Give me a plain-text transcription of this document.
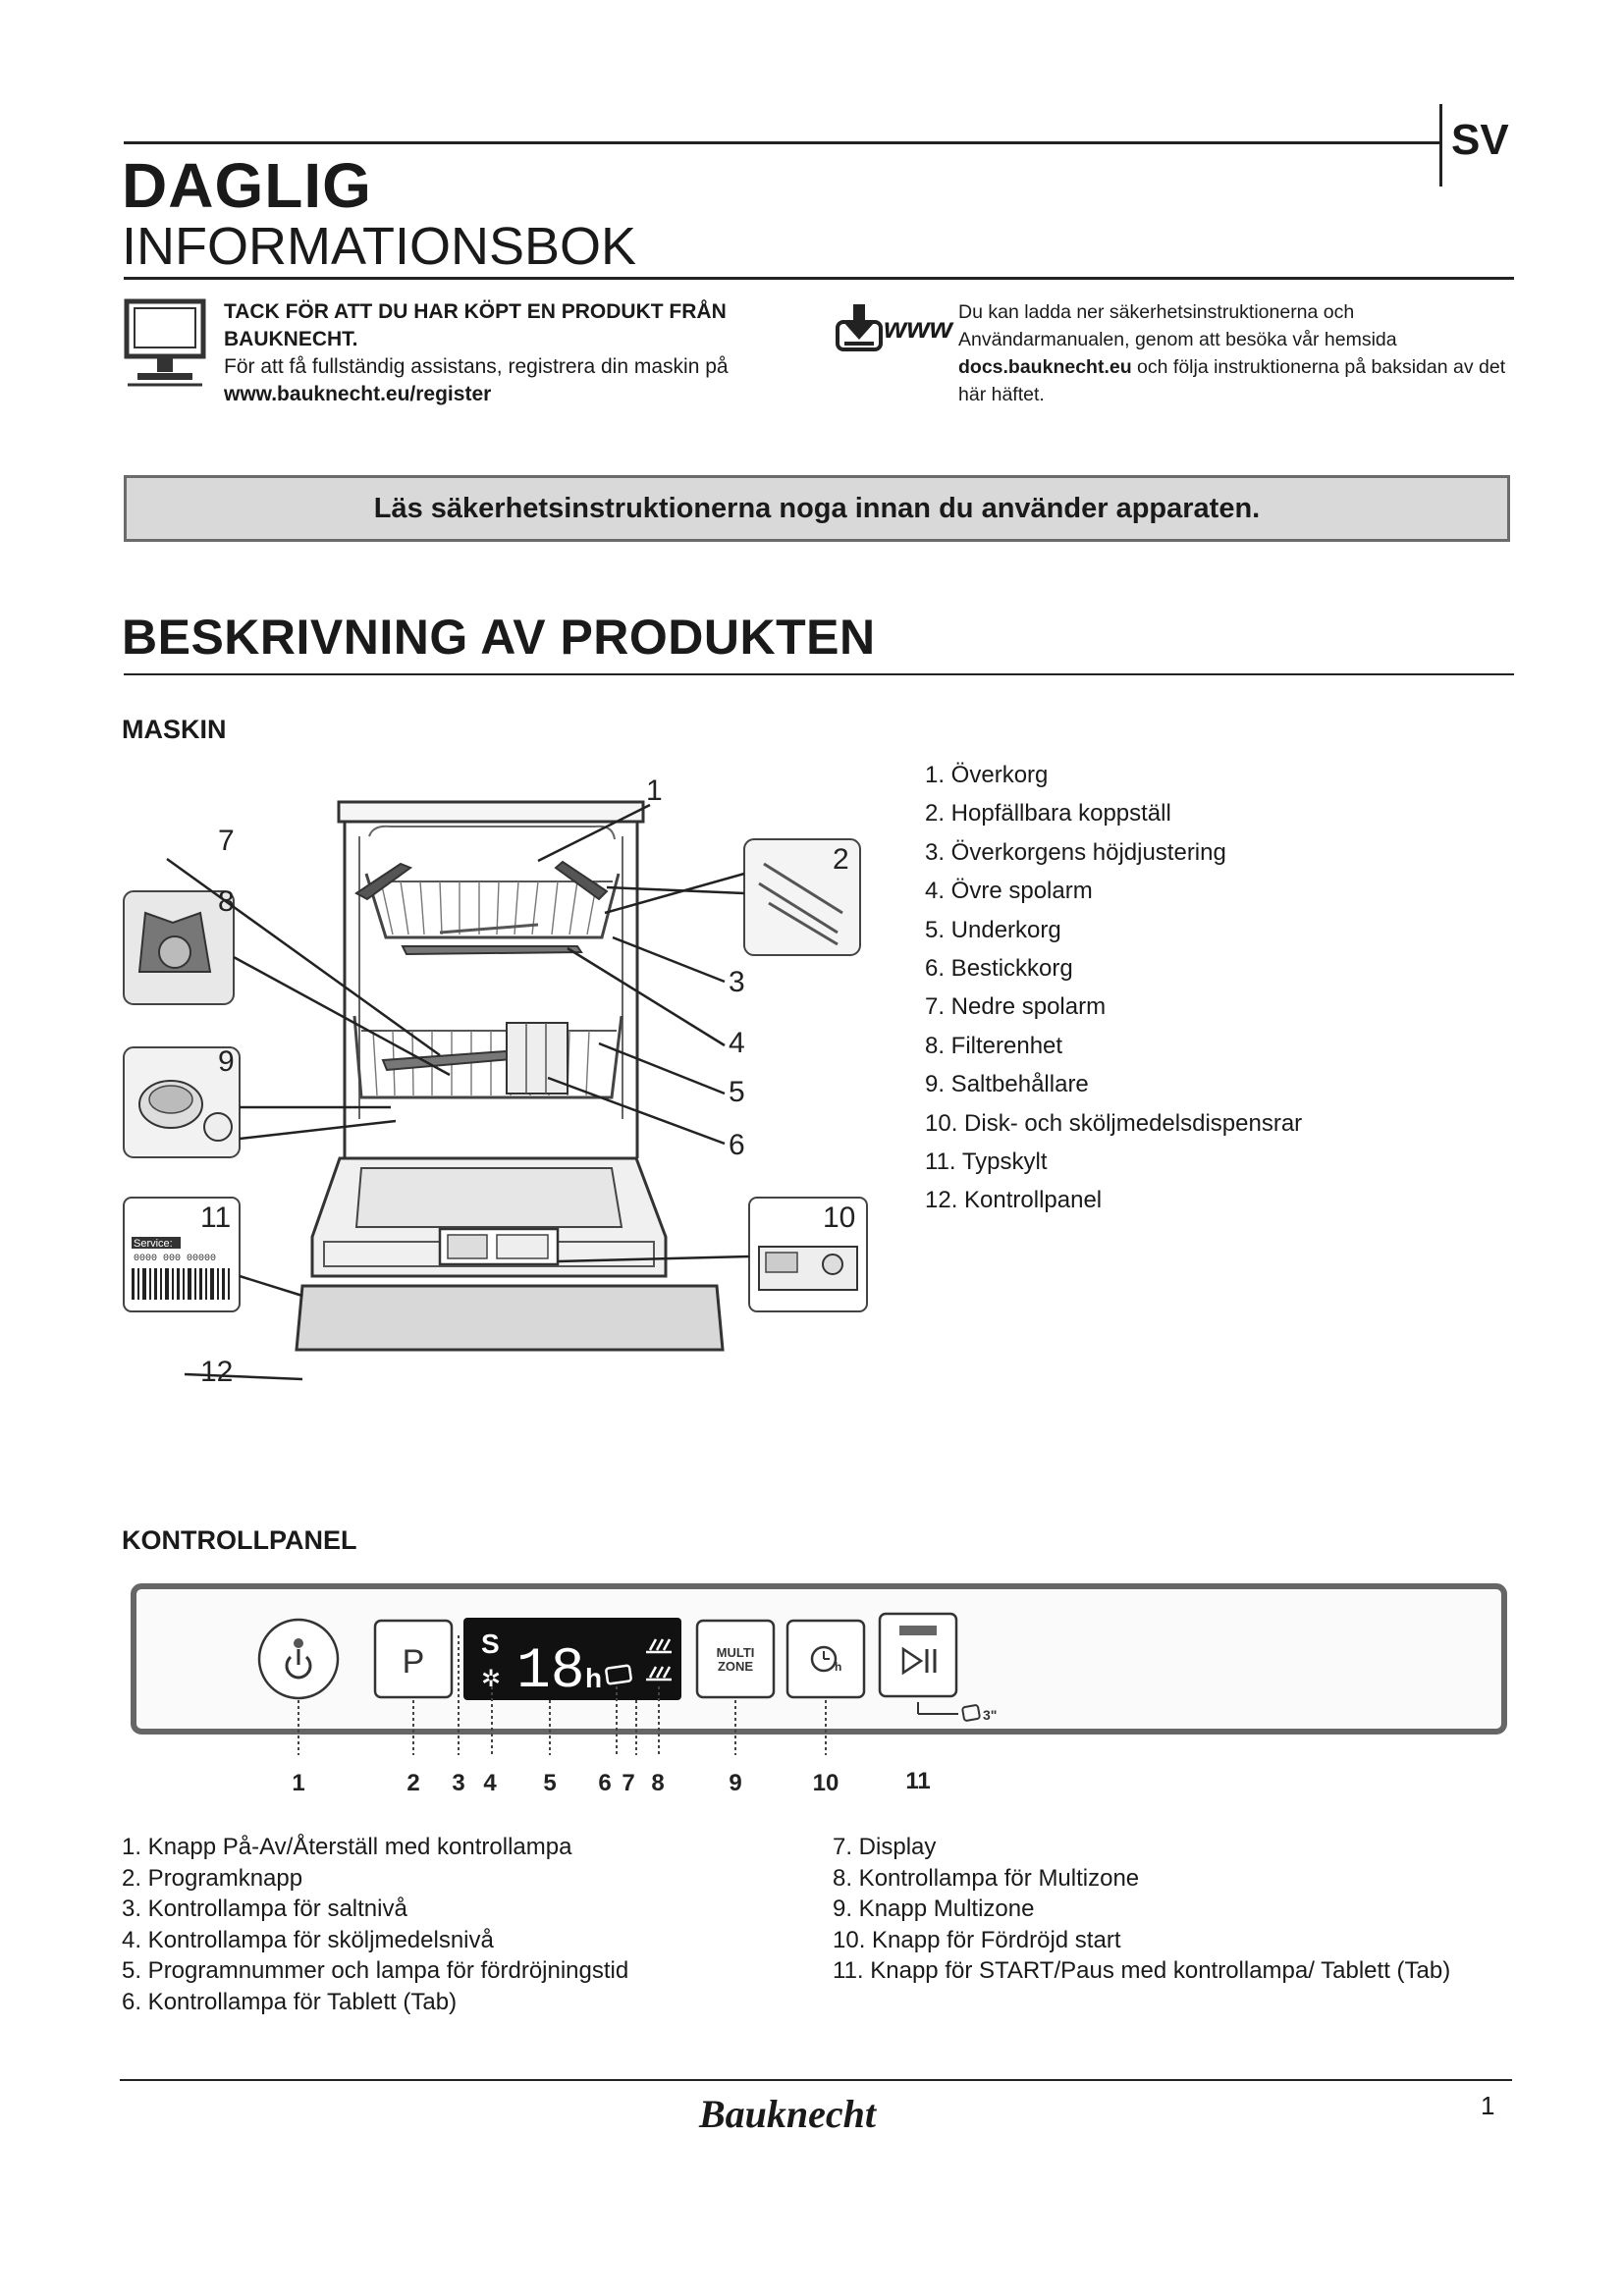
SV
DAGLIG
INFORMATIONSBOK
TACK FÖR ATT DU HAR KÖPT EN PRODUKT FRÅN BAUKNECHT.
För att få fullständig assistans, registrera din maskin på
www.bauknecht.eu/register
www Du kan ladda ner säkerhetsinstruktionerna och Användarmanualen, genom att besöka vår hemsida docs.bauknecht.eu och följa instruktionerna på baksidan av det här häftet.
Läs säkerhetsinstruktionerna noga innan du använder apparaten.
BESKRIVNING AV PRODUKTEN
MASKIN
Service:
0000 000 00000
1
2
3
4
5
6
7
8
9
10
11
12
1. Överkorg
2. Hopfällbara koppställ
3. Överkorgens höjdjustering
4. Övre spolarm
5. Underkorg
6. Bestickkorg
7. Nedre spolarm
8. Filterenhet
9. Saltbehållare
10. Disk- och sköljmedelsdispensrar
11. Typskylt
12. Kontrollpanel
KONTROLLPANEL
P S
✲ 18 h
MULTI
ZONE	h
3"
1	2 3 4 5 6 7 8	9	10	11
1. Knapp På-Av/Återställ med kontrollampa
2. Programknapp
3. Kontrollampa för saltnivå
4. Kontrollampa för sköljmedelsnivå
5. Programnummer och lampa för fördröjningstid
6. Kontrollampa för Tablett (Tab)
7. Display
8. Kontrollampa för Multizone
9. Knapp Multizone
10. Knapp för Fördröjd start
11. Knapp för START/Paus med kontrollampa/ Tablett (Tab)
Bauknecht	1
